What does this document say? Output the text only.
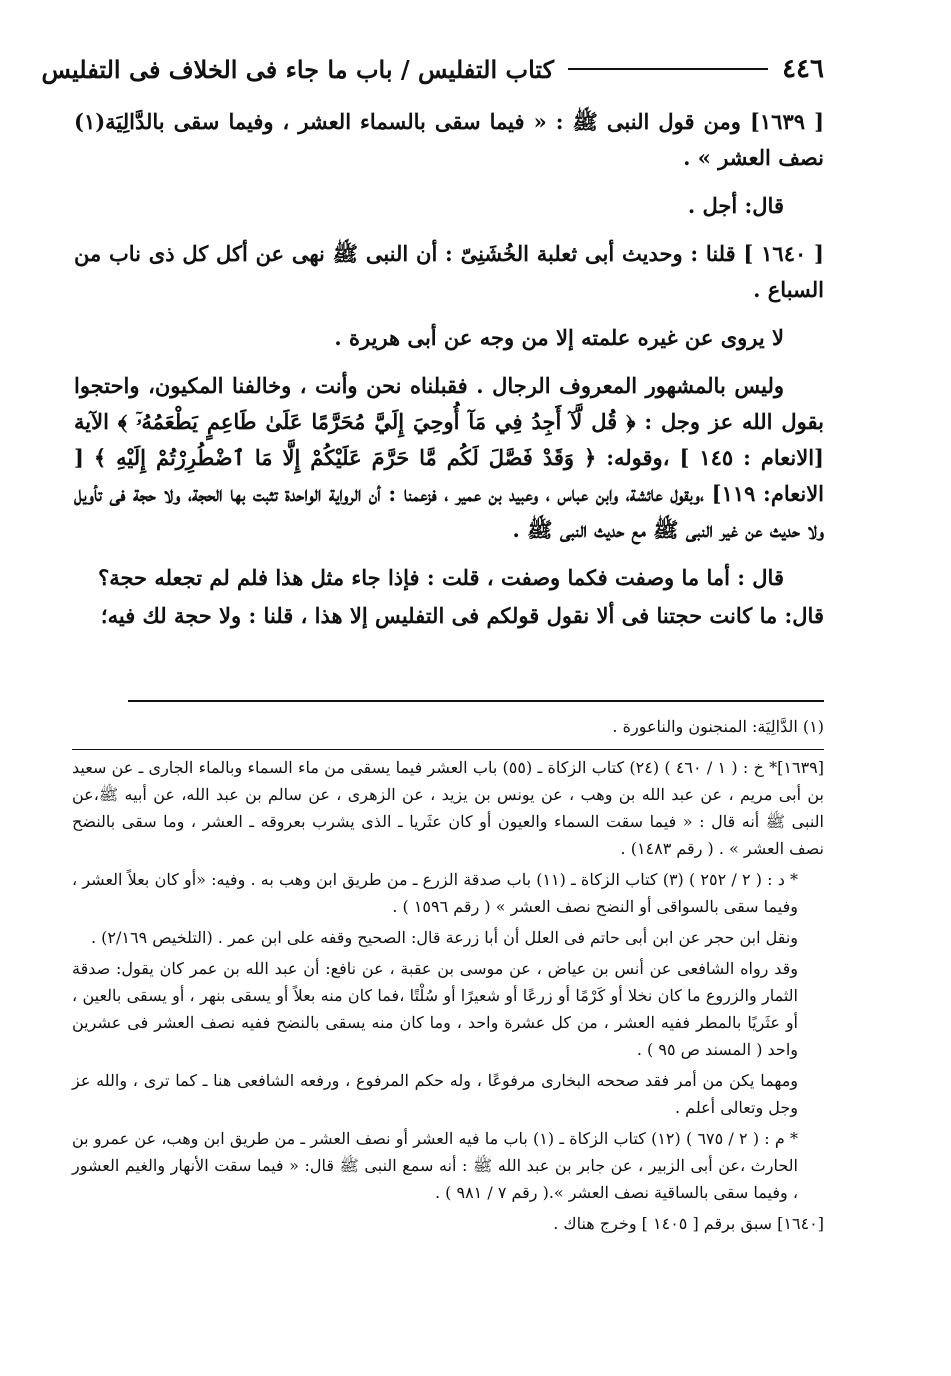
٤٤٦
كتاب التفليس / باب ما جاء فى الخلاف فى التفليس

[ ١٦٣٩] ومن قول النبى ﷺ : « فيما سقى بالسماء العشر ، وفيما سقى بالدَّالِيَة(١) نصف العشر » .

قال: أجل .

[ ١٦٤٠ ] قلنا : وحديث أبى ثعلبة الخُشَنِىّ : أن النبى ﷺ نهى عن أكل كل ذى ناب من السباع .

لا يروى عن غيره علمته إلا من وجه عن أبى هريرة .

وليس بالمشهور المعروف الرجال . فقبلناه نحن وأنت ، وخالفنا المكيون، واحتجوا بقول الله عز وجل : ﴿ قُل لَّآ أَجِدُ فِي مَآ أُوحِيَ إِلَيَّ مُحَرَّمًا عَلَىٰ طَاعِمٍ يَطْعَمُهُۥٓ ﴾ الآية [الانعام : ١٤٥ ] ،وقوله: ﴿ وَقَدْ فَصَّلَ لَكُم مَّا حَرَّمَ عَلَيْكُمْ إِلَّا مَا ٱضْطُرِرْتُمْ إِلَيْهِ ﴾ [ الانعام: ١١٩] ،وبقول عائشة، وابن عباس ، وعبيد بن عمير ، فزعمنا : أن الرواية الواحدة تثبت بها الحجة، ولا حجة فى تأويل ولا حديث عن غير النبى ﷺ مع حديث النبى ﷺ .

قال : أما ما وصفت فكما وصفت ، قلت : فإذا جاء مثل هذا فلم لم تجعله حجة؟

قال: ما كانت حجتنا فى ألا نقول قولكم فى التفليس إلا هذا ، قلنا : ولا حجة لك فيه؛

(١) الدَّالِيَة: المنجنون والناعورة .

[١٦٣٩]* خ : ( ١ / ٤٦٠ ) (٢٤) كتاب الزكاة ـ (٥٥) باب العشر فيما يسقى من ماء السماء وبالماء الجارى ـ عن سعيد بن أبى مريم ، عن عبد الله بن وهب ، عن يونس بن يزيد ، عن الزهرى ، عن سالم بن عبد الله، عن أبيه ﷺ،عن النبى ﷺ أنه قال : « فيما سقت السماء والعيون أو كان عثَريا ـ الذى يشرب بعروقه ـ العشر ، وما سقى بالنضح نصف العشر » . ( رقم ١٤٨٣) .

* د : ( ٢ / ٢٥٢ ) (٣) كتاب الزكاة ـ (١١) باب صدقة الزرع ـ من طريق ابن وهب به . وفيه: «أو كان بعلاً العشر ، وفيما سقى بالسواقى أو النضح نصف العشر » ( رقم ١٥٩٦ ) .

ونقل ابن حجر عن ابن أبى حاتم فى العلل أن أبا زرعة قال: الصحيح وقفه على ابن عمر . (التلخيص ٢/١٦٩) .

وقد رواه الشافعى عن أنس بن عياض ، عن موسى بن عقبة ، عن نافع: أن عبد الله بن عمر كان يقول: صدقة الثمار والزروع ما كان نخلا أو كَرْمًا أو زرعًا أو شعيرًا أو سُلْتًا ،فما كان منه بعلاً أو يسقى بنهر ، أو يسقى بالعين ، أو عثَريًا بالمطر ففيه العشر ، من كل عشرة واحد ، وما كان منه يسقى بالنضح ففيه نصف العشر فى عشرين واحد ( المسند ص ٩٥ ) .

ومهما يكن من أمر فقد صححه البخارى مرفوعًا ، وله حكم المرفوع ، ورفعه الشافعى هنا ـ كما ترى ، والله عز وجل وتعالى أعلم .

* م : ( ٢ / ٦٧٥ ) (١٢) كتاب الزكاة ـ (١) باب ما فيه العشر أو نصف العشر ـ من طريق ابن وهب، عن عمرو بن الحارث ،عن أبى الزبير ، عن جابر بن عبد الله ﷺ : أنه سمع النبى ﷺ قال: « فيما سقت الأنهار والغيم العشور ، وفيما سقى بالساقية نصف العشر ».( رقم ٧ / ٩٨١ ) .

[١٦٤٠] سبق برقم [ ١٤٠٥ ] وخرج هناك .
